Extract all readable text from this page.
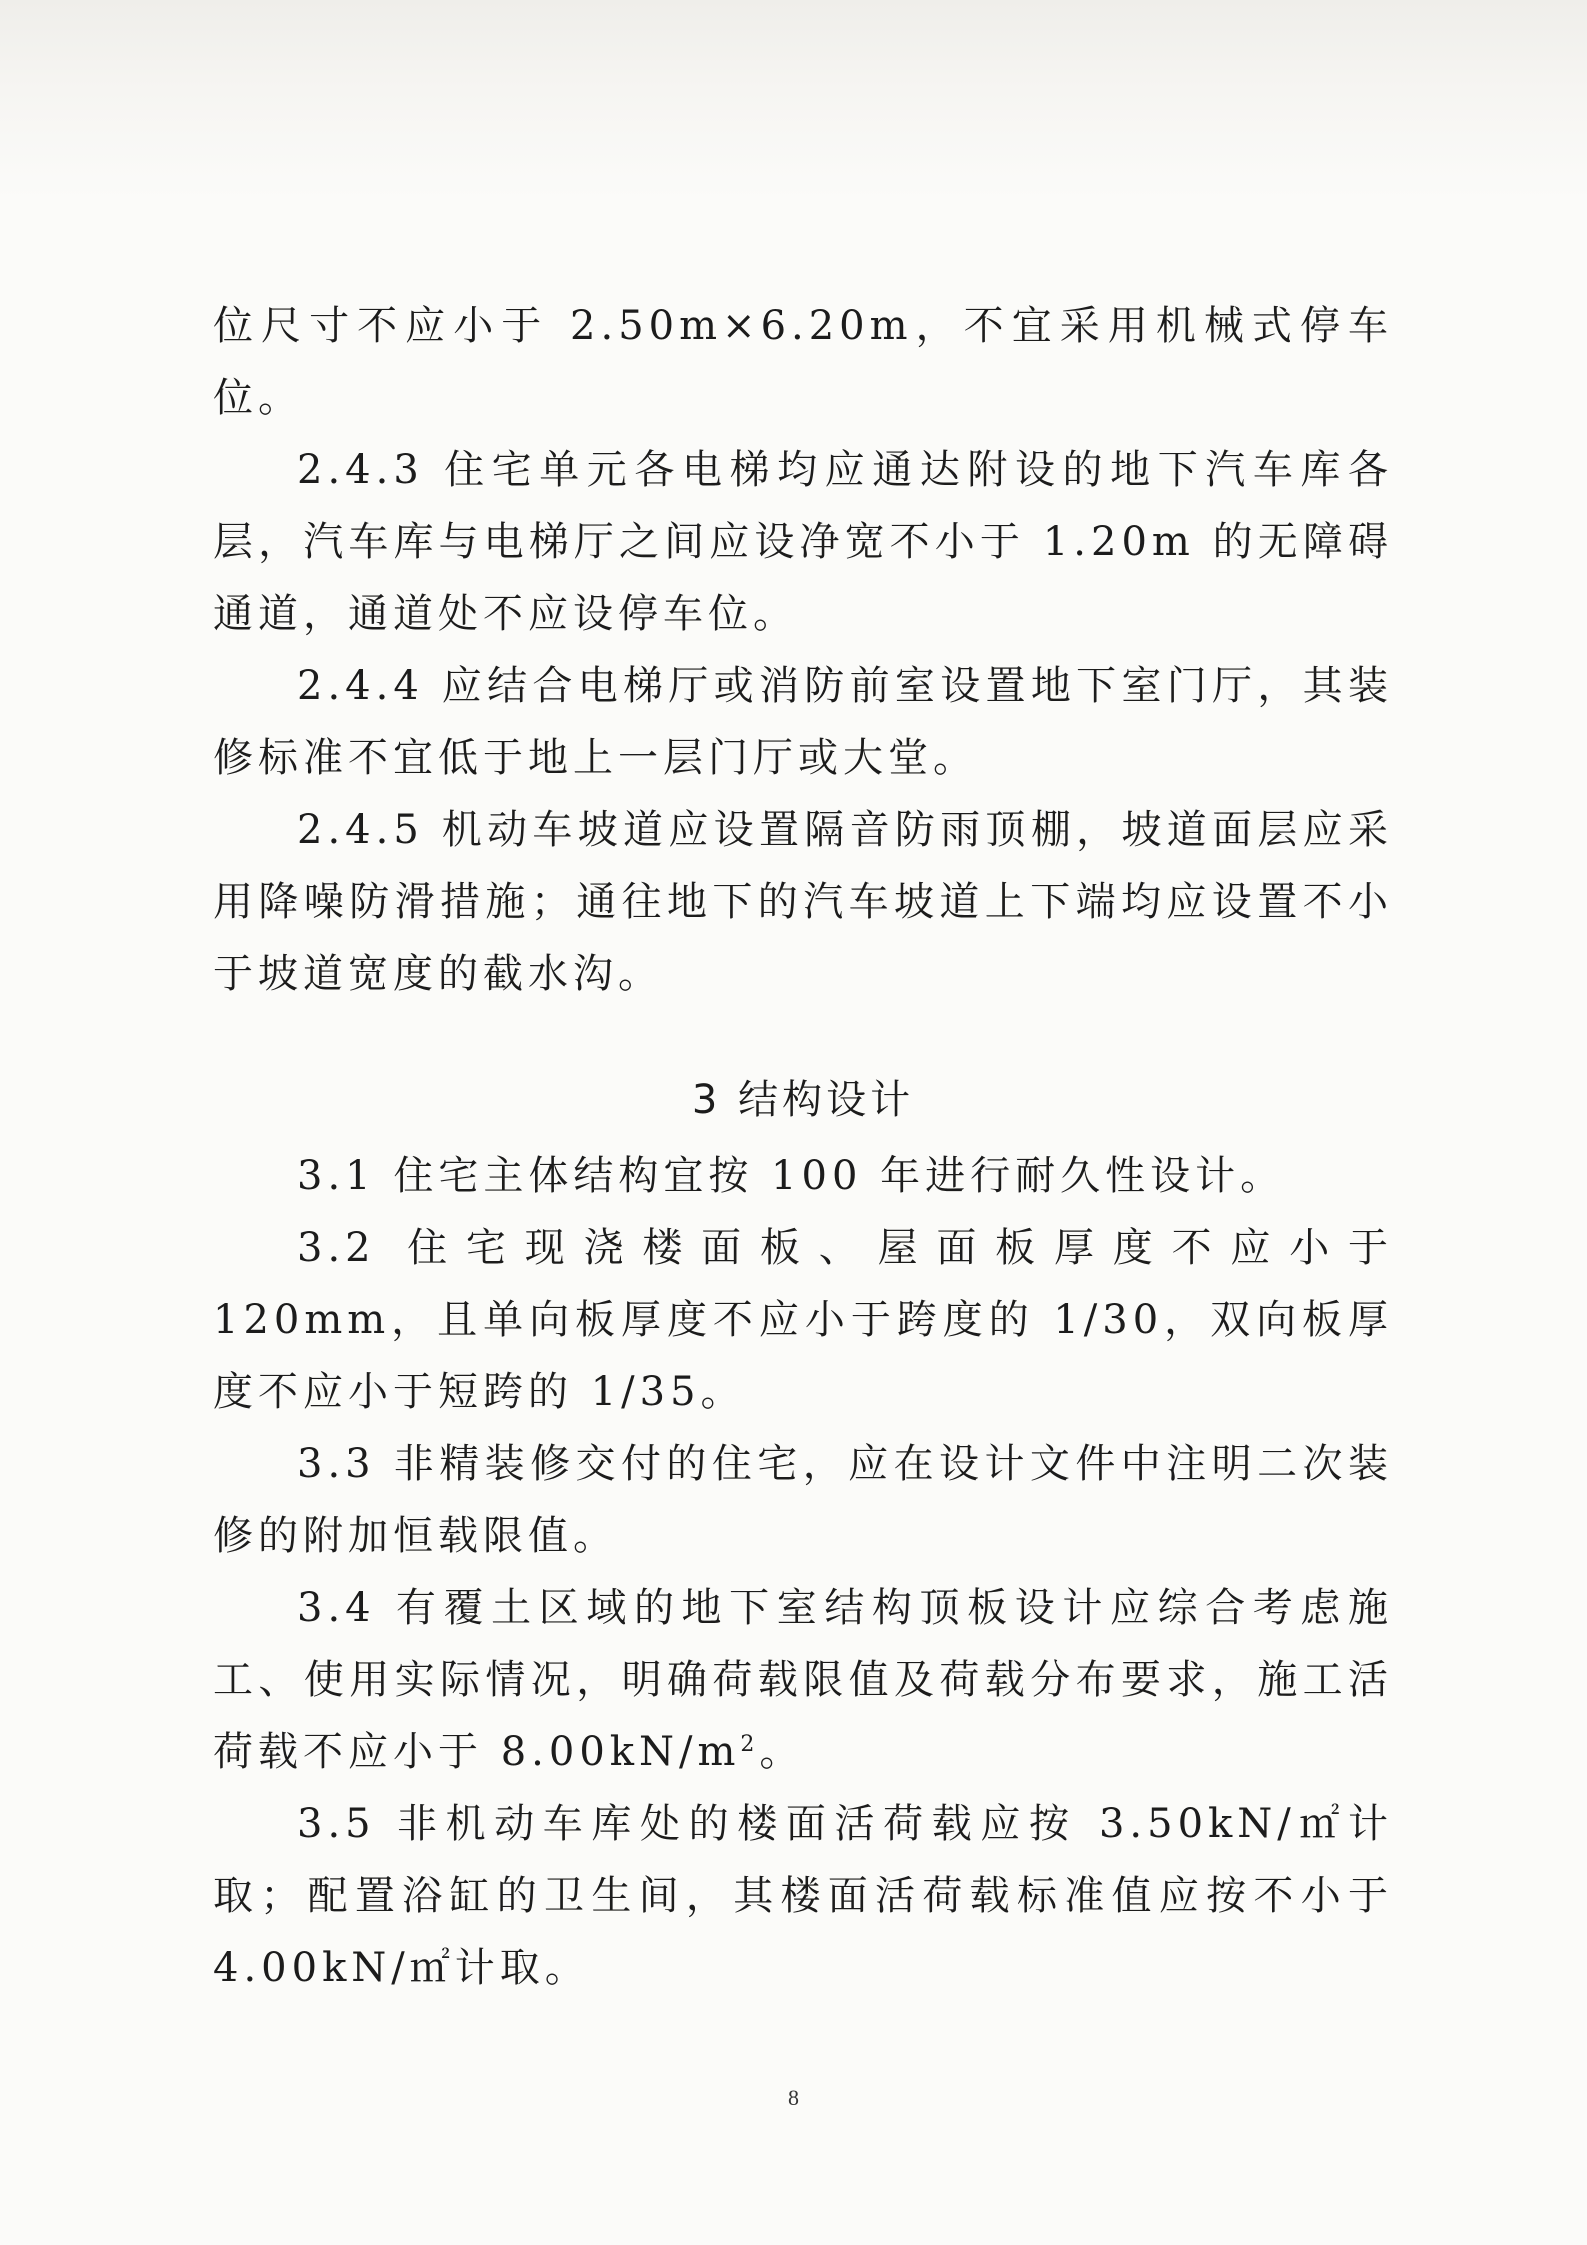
位尺寸不应小于 2.50m×6.20m，不宜采用机械式停车位。

2.4.3 住宅单元各电梯均应通达附设的地下汽车库各层，汽车库与电梯厅之间应设净宽不小于 1.20m 的无障碍通道，通道处不应设停车位。

2.4.4 应结合电梯厅或消防前室设置地下室门厅，其装修标准不宜低于地上一层门厅或大堂。

2.4.5 机动车坡道应设置隔音防雨顶棚，坡道面层应采用降噪防滑措施；通往地下的汽车坡道上下端均应设置不小于坡道宽度的截水沟。

3 结构设计

3.1 住宅主体结构宜按 100 年进行耐久性设计。

3.2 住宅现浇楼面板、屋面板厚度不应小于 120mm，且单向板厚度不应小于跨度的 1/30，双向板厚度不应小于短跨的 1/35。

3.3 非精装修交付的住宅，应在设计文件中注明二次装修的附加恒载限值。

3.4 有覆土区域的地下室结构顶板设计应综合考虑施工、使用实际情况，明确荷载限值及荷载分布要求，施工活荷载不应小于 $8.00kN/m^2$。

3.5 非机动车库处的楼面活荷载应按 3.50kN/㎡计取；配置浴缸的卫生间，其楼面活荷载标准值应按不小于 4.00kN/㎡计取。

8
